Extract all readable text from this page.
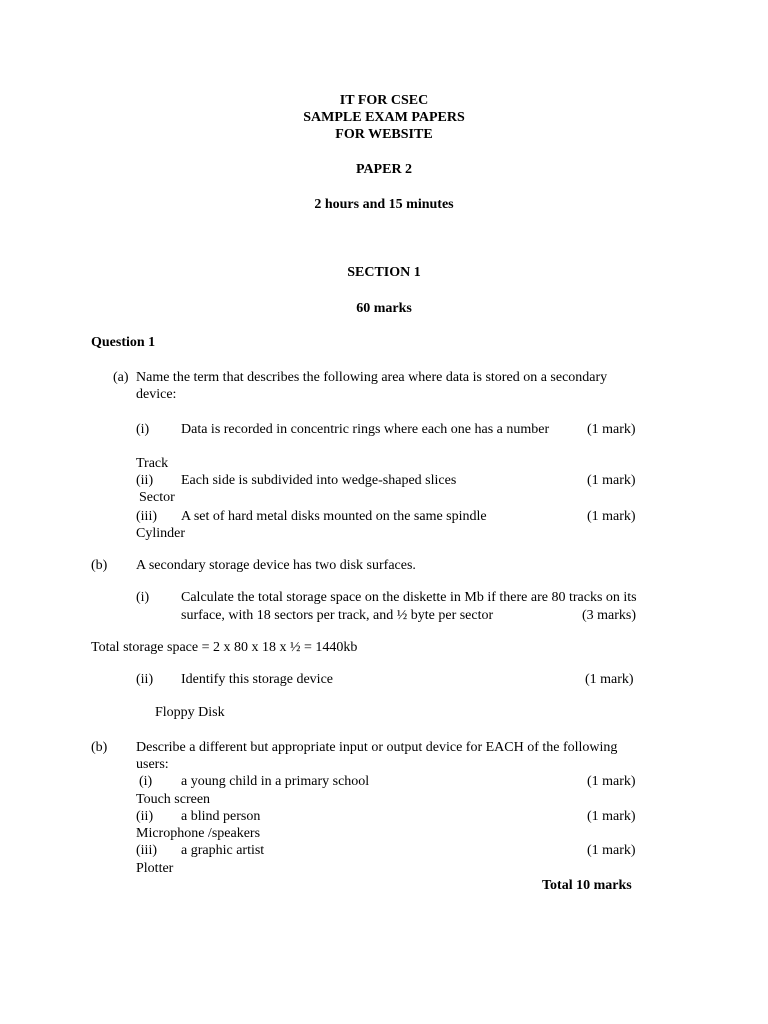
IT FOR CSEC
SAMPLE EXAM PAPERS
FOR WEBSITE
PAPER 2
2 hours and 15 minutes
SECTION 1
60 marks
Question 1
(a) Name the term that describes the following area where data is stored on a secondary
device:
(i) Data is recorded in concentric rings where each one has a number	(1 mark)
Track
(ii) Each side is subdivided into wedge-shaped slices	(1 mark)
Sector
(iii) A set of hard metal disks mounted on the same spindle	(1 mark)
Cylinder
(b) A secondary storage device has two disk surfaces.
(i) Calculate the total storage space on the diskette in Mb if there are 80 tracks on its
surface, with 18 sectors per track, and ½ byte per sector	(3 marks)
Total storage space = 2 x 80 x 18 x ½ = 1440kb
(ii) Identify this storage device	(1 mark)
Floppy Disk
(b) Describe a different but appropriate input or output device for EACH of the following
users:
(i) a young child in a primary school	(1 mark)
Touch screen
(ii) a blind person	(1 mark)
Microphone /speakers
(iii) a graphic artist	(1 mark)
Plotter
Total 10 marks
